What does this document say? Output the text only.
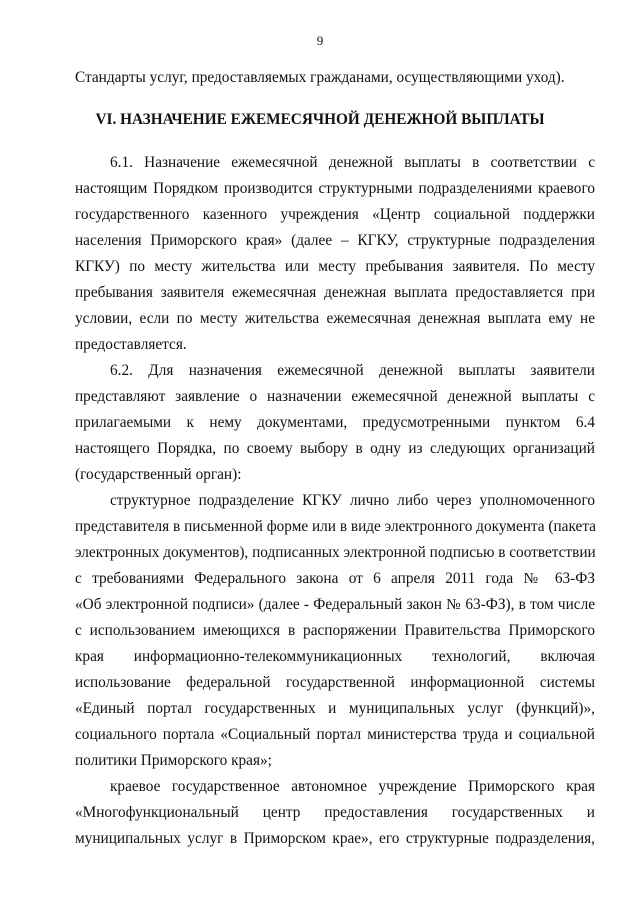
9
Стандарты услуг, предоставляемых гражданами, осуществляющими уход).
VI. НАЗНАЧЕНИЕ ЕЖЕМЕСЯЧНОЙ ДЕНЕЖНОЙ ВЫПЛАТЫ
6.1. Назначение ежемесячной денежной выплаты в соответствии с
настоящим Порядком производится структурными подразделениями краевого
государственного казенного учреждения «Центр социальной поддержки
населения Приморского края» (далее – КГКУ, структурные подразделения
КГКУ) по месту жительства или месту пребывания заявителя. По месту
пребывания заявителя ежемесячная денежная выплата предоставляется при
условии, если по месту жительства ежемесячная денежная выплата ему не
предоставляется.
6.2. Для назначения ежемесячной денежной выплаты заявители
представляют заявление о назначении ежемесячной денежной выплаты с
прилагаемыми к нему документами, предусмотренными пунктом 6.4
настоящего Порядка, по своему выбору в одну из следующих организаций
(государственный орган):
структурное подразделение КГКУ лично либо через уполномоченного
представителя в письменной форме или в виде электронного документа (пакета
электронных документов), подписанных электронной подписью в соответствии
с требованиями Федерального закона от 6 апреля 2011 года № 63-ФЗ
«Об электронной подписи» (далее - Федеральный закон № 63-ФЗ), в том числе
с использованием имеющихся в распоряжении Правительства Приморского
края информационно-телекоммуникационных технологий, включая
использование федеральной государственной информационной системы
«Единый портал государственных и муниципальных услуг (функций)»,
социального портала «Социальный портал министерства труда и социальной
политики Приморского края»;
краевое государственное автономное учреждение Приморского края
«Многофункциональный центр предоставления государственных и
муниципальных услуг в Приморском крае», его структурные подразделения,
